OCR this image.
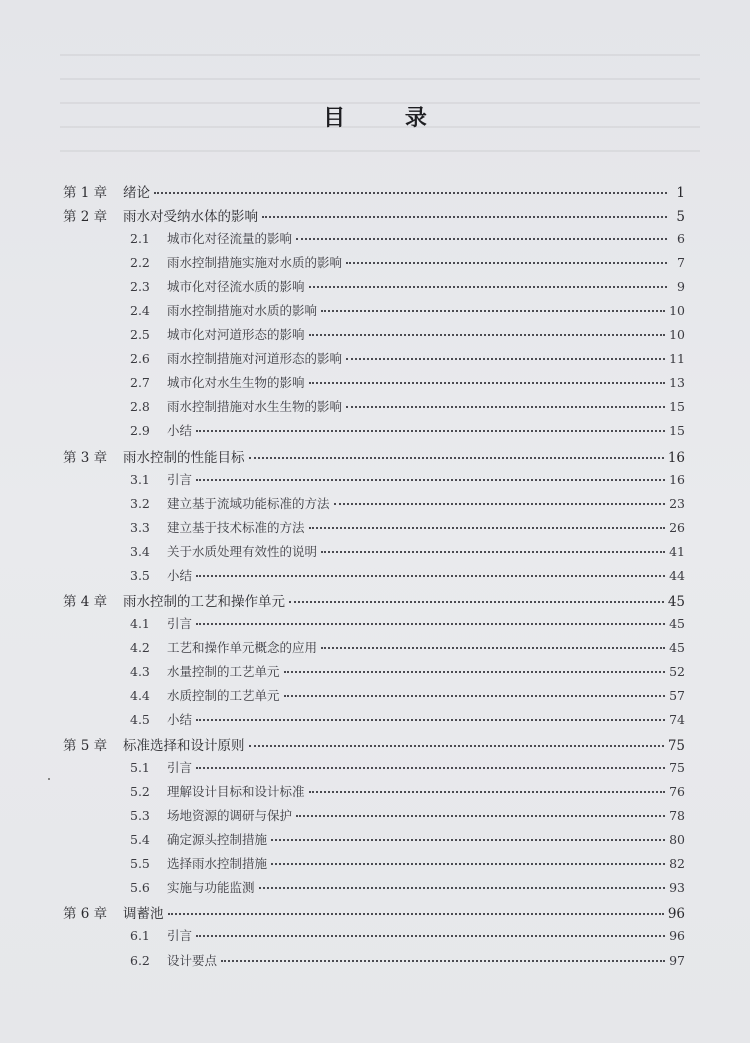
目 录
第 1 章	绪论	1
第 2 章	雨水对受纳水体的影响	5
2.1	城市化对径流量的影响	6
2.2	雨水控制措施实施对水质的影响	7
2.3	城市化对径流水质的影响	9
2.4	雨水控制措施对水质的影响	10
2.5	城市化对河道形态的影响	10
2.6	雨水控制措施对河道形态的影响	11
2.7	城市化对水生生物的影响	13
2.8	雨水控制措施对水生生物的影响	15
2.9	小结	15
第 3 章	雨水控制的性能目标	16
3.1	引言	16
3.2	建立基于流域功能标准的方法	23
3.3	建立基于技术标准的方法	26
3.4	关于水质处理有效性的说明	41
3.5	小结	44
第 4 章	雨水控制的工艺和操作单元	45
4.1	引言	45
4.2	工艺和操作单元概念的应用	45
4.3	水量控制的工艺单元	52
4.4	水质控制的工艺单元	57
4.5	小结	74
第 5 章	标准选择和设计原则	75
5.1	引言	75
5.2	理解设计目标和设计标准	76
5.3	场地资源的调研与保护	78
5.4	确定源头控制措施	80
5.5	选择雨水控制措施	82
5.6	实施与功能监测	93
第 6 章	调蓄池	96
6.1	引言	96
6.2	设计要点	97
